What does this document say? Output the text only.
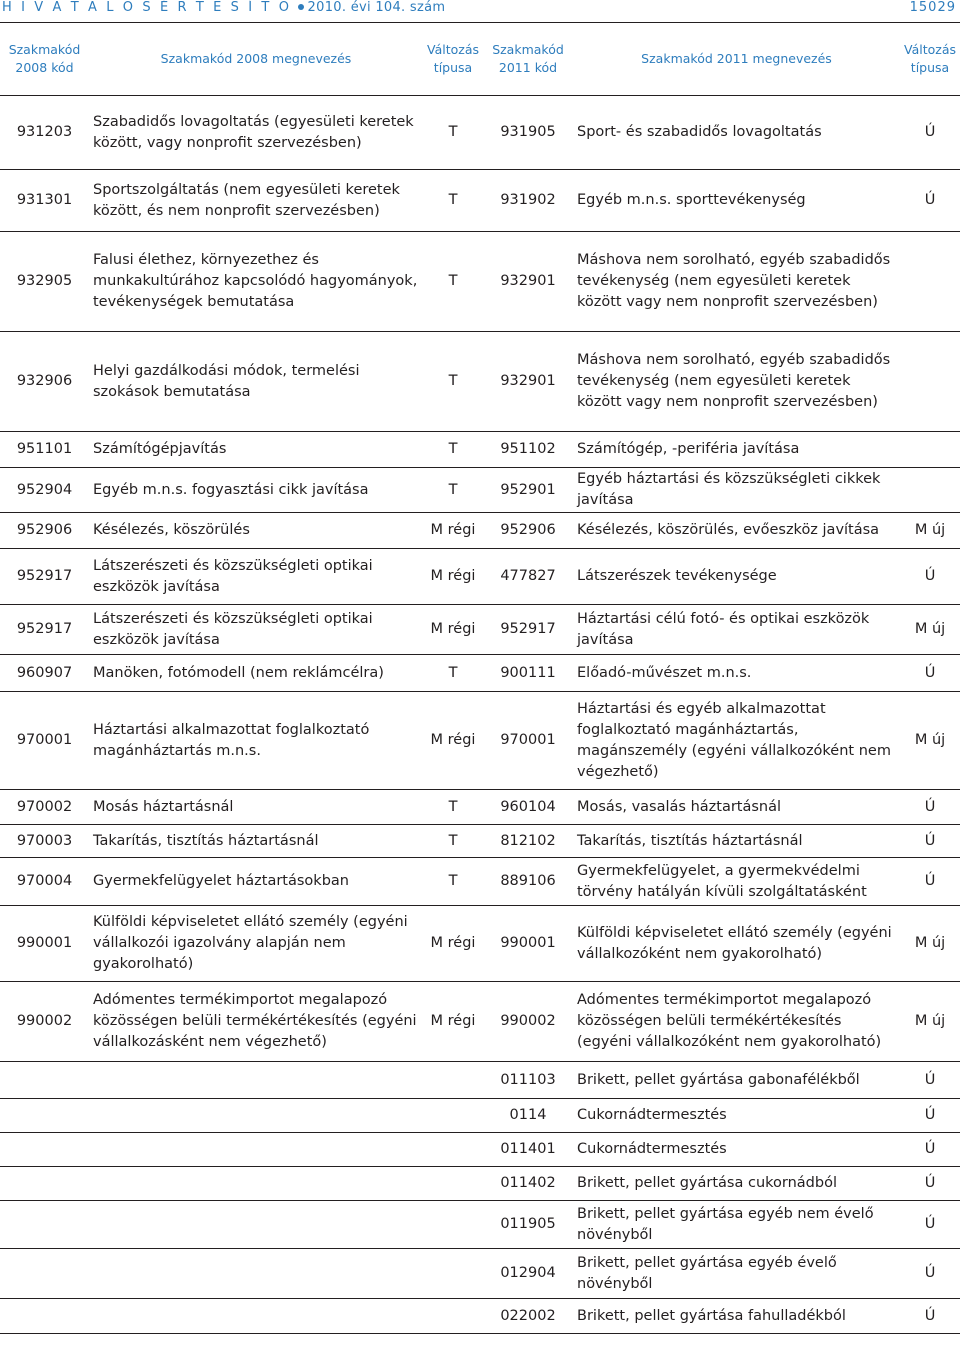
H I V A T A L O S É R T E S Í T Õ 2010. évi 104. szám	15029
Szakmakód 2008 kód	Szakmakód 2008 megnevezés	Változás típusa	Szakmakód 2011 kód	Szakmakód 2011 megnevezés	Változás típusa
931203	Szabadidős lovagoltatás (egyesületi keretek között, vagy nonprofit szervezésben)	T	931905	Sport- és szabadidős lovagoltatás	Ú
931301	Sportszolgáltatás (nem egyesületi keretek között, és nem nonprofit szervezésben)	T	931902	Egyéb m.n.s. sporttevékenység	Ú
932905	Falusi élethez, környezethez és munkakultúrához kapcsolódó hagyományok, tevékenységek bemutatása	T	932901	Máshova nem sorolható, egyéb szabadidős tevékenység (nem egyesületi keretek között vagy nem nonprofit szervezésben)	
932906	Helyi gazdálkodási módok, termelési szokások bemutatása	T	932901	Máshova nem sorolható, egyéb szabadidős tevékenység (nem egyesületi keretek között vagy nem nonprofit szervezésben)	
951101	Számítógépjavítás	T	951102	Számítógép, -periféria javítása	
952904	Egyéb m.n.s. fogyasztási cikk javítása	T	952901	Egyéb háztartási és közszükségleti cikkek javítása	
952906	Késélezés, köszörülés	M régi	952906	Késélezés, köszörülés, evőeszköz javítása	M új
952917	Látszerészeti és közszükségleti optikai eszközök javítása	M régi	477827	Látszerészek tevékenysége	Ú
952917	Látszerészeti és közszükségleti optikai eszközök javítása	M régi	952917	Háztartási célú fotó- és optikai eszközök javítása	M új
960907	Manöken, fotómodell (nem reklámcélra)	T	900111	Előadó-művészet m.n.s.	Ú
970001	Háztartási alkalmazottat foglalkoztató magánháztartás m.n.s.	M régi	970001	Háztartási és egyéb alkalmazottat foglalkoztató magánháztartás, magánszemély (egyéni vállalkozóként nem végezhető)	M új
970002	Mosás háztartásnál	T	960104	Mosás, vasalás háztartásnál	Ú
970003	Takarítás, tisztítás háztartásnál	T	812102	Takarítás, tisztítás háztartásnál	Ú
970004	Gyermekfelügyelet háztartásokban	T	889106	Gyermekfelügyelet, a gyermekvédelmi törvény hatályán kívüli szolgáltatásként	Ú
990001	Külföldi képviseletet ellátó személy (egyéni vállalkozói igazolvány alapján nem gyakorolható)	M régi	990001	Külföldi képviseletet ellátó személy (egyéni vállalkozóként nem gyakorolható)	M új
990002	Adómentes termékimportot megalapozó közösségen belüli termékértékesítés (egyéni vállalkozásként nem végezhető)	M régi	990002	Adómentes termékimportot megalapozó közösségen belüli termékértékesítés (egyéni vállalkozóként nem gyakorolható)	M új
			011103	Brikett, pellet gyártása gabonafélékből	Ú
			0114	Cukornádtermesztés	Ú
			011401	Cukornádtermesztés	Ú
			011402	Brikett, pellet gyártása cukornádból	Ú
			011905	Brikett, pellet gyártása egyéb nem évelő növényből	Ú
			012904	Brikett, pellet gyártása egyéb évelő növényből	Ú
			022002	Brikett, pellet gyártása fahulladékból	Ú
